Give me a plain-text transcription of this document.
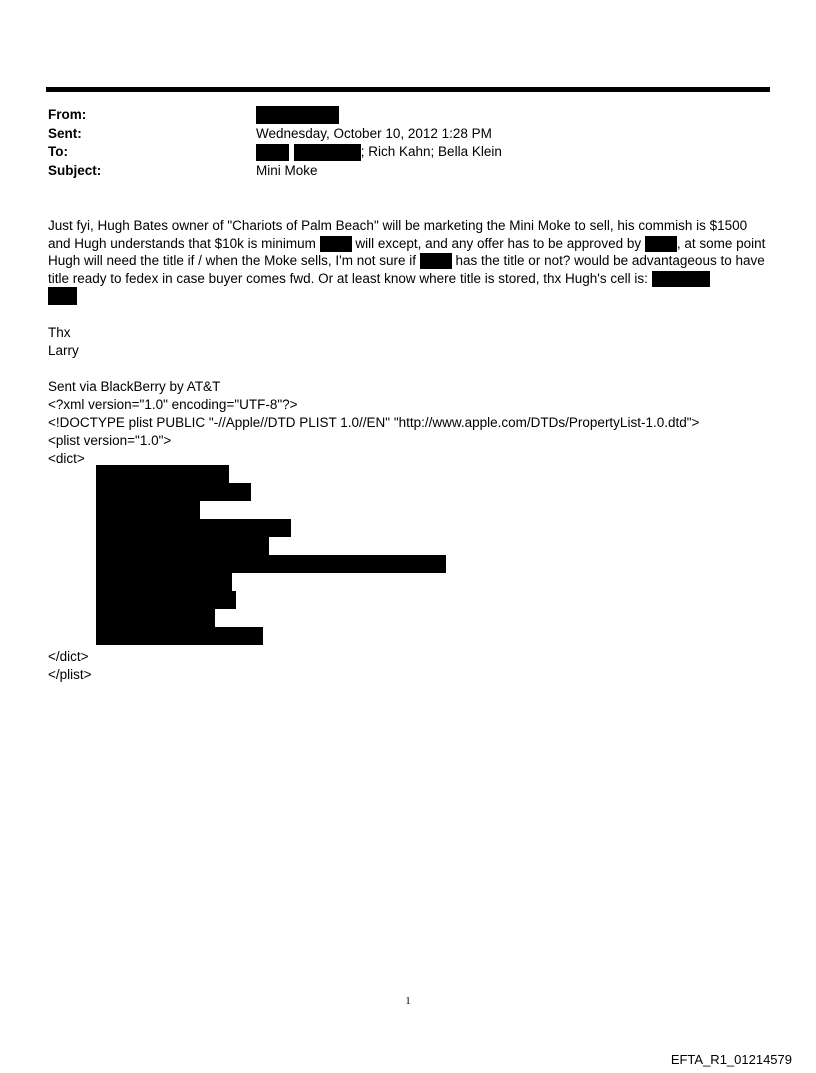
From:
Sent:	Wednesday, October 10, 2012 1:28 PM
To:	; Rich Kahn; Bella Klein
Subject:	Mini Moke

Just fyi, Hugh Bates owner of "Chariots of Palm Beach" will be marketing the Mini Moke to sell, his commish is $1500 and Hugh understands that $10k is minimum  will except, and any offer has to be approved by , at some point Hugh will need the title if / when the Moke sells, I'm not sure if  has the title or not? would be advantageous to have title ready to fedex in case buyer comes fwd. Or at least know where title is stored, thx Hugh's cell is:

Thx
Larry
Sent via BlackBerry by AT&T
<?xml version="1.0" encoding="UTF-8"?>
<!DOCTYPE plist PUBLIC "-//Apple//DTD PLIST 1.0//EN" "http://www.apple.com/DTDs/PropertyList-1.0.dtd">
<plist version="1.0">
<dict>
</dict>
</plist>
1
EFTA_R1_01214579
